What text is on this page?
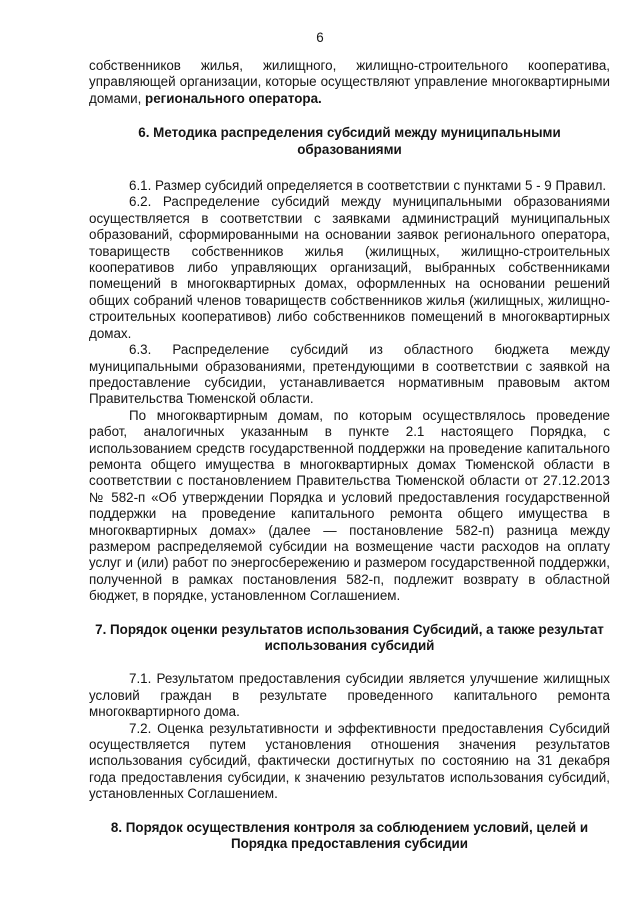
6

собственников жилья, жилищного, жилищно-строительного кооператива, управляющей организации, которые осуществляют управление многоквартирными домами, регионального оператора.

6. Методика распределения субсидий между муниципальными образованиями

6.1. Размер субсидий определяется в соответствии с пунктами 5 - 9 Правил.

6.2. Распределение субсидий между муниципальными образованиями осуществляется в соответствии с заявками администраций муниципальных образований, сформированными на основании заявок регионального оператора, товариществ собственников жилья (жилищных, жилищно-строительных кооперативов либо управляющих организаций, выбранных собственниками помещений в многоквартирных домах, оформленных на основании решений общих собраний членов товариществ собственников жилья (жилищных, жилищно-строительных кооперативов) либо собственников помещений в многоквартирных домах.

6.3. Распределение субсидий из областного бюджета между муниципальными образованиями, претендующими в соответствии с заявкой на предоставление субсидии, устанавливается нормативным правовым актом Правительства Тюменской области.

По многоквартирным домам, по которым осуществлялось проведение работ, аналогичных указанным в пункте 2.1 настоящего Порядка, с использованием средств государственной поддержки на проведение капитального ремонта общего имущества в многоквартирных домах Тюменской области в соответствии с постановлением Правительства Тюменской области от 27.12.2013 № 582-п «Об утверждении Порядка и условий предоставления государственной поддержки на проведение капитального ремонта общего имущества в многоквартирных домах» (далее — постановление 582-п) разница между размером распределяемой субсидии на возмещение части расходов на оплату услуг и (или) работ по энергосбережению и размером государственной поддержки, полученной в рамках постановления 582-п, подлежит возврату в областной бюджет, в порядке, установленном Соглашением.

7. Порядок оценки результатов использования Субсидий, а также результат использования субсидий

7.1. Результатом предоставления субсидии является улучшение жилищных условий граждан в результате проведенного капитального ремонта многоквартирного дома.

7.2. Оценка результативности и эффективности предоставления Субсидий осуществляется путем установления отношения значения результатов использования субсидий, фактически достигнутых по состоянию на 31 декабря года предоставления субсидии, к значению результатов использования субсидий, установленных Соглашением.

8. Порядок осуществления контроля за соблюдением условий, целей и Порядка предоставления субсидии
